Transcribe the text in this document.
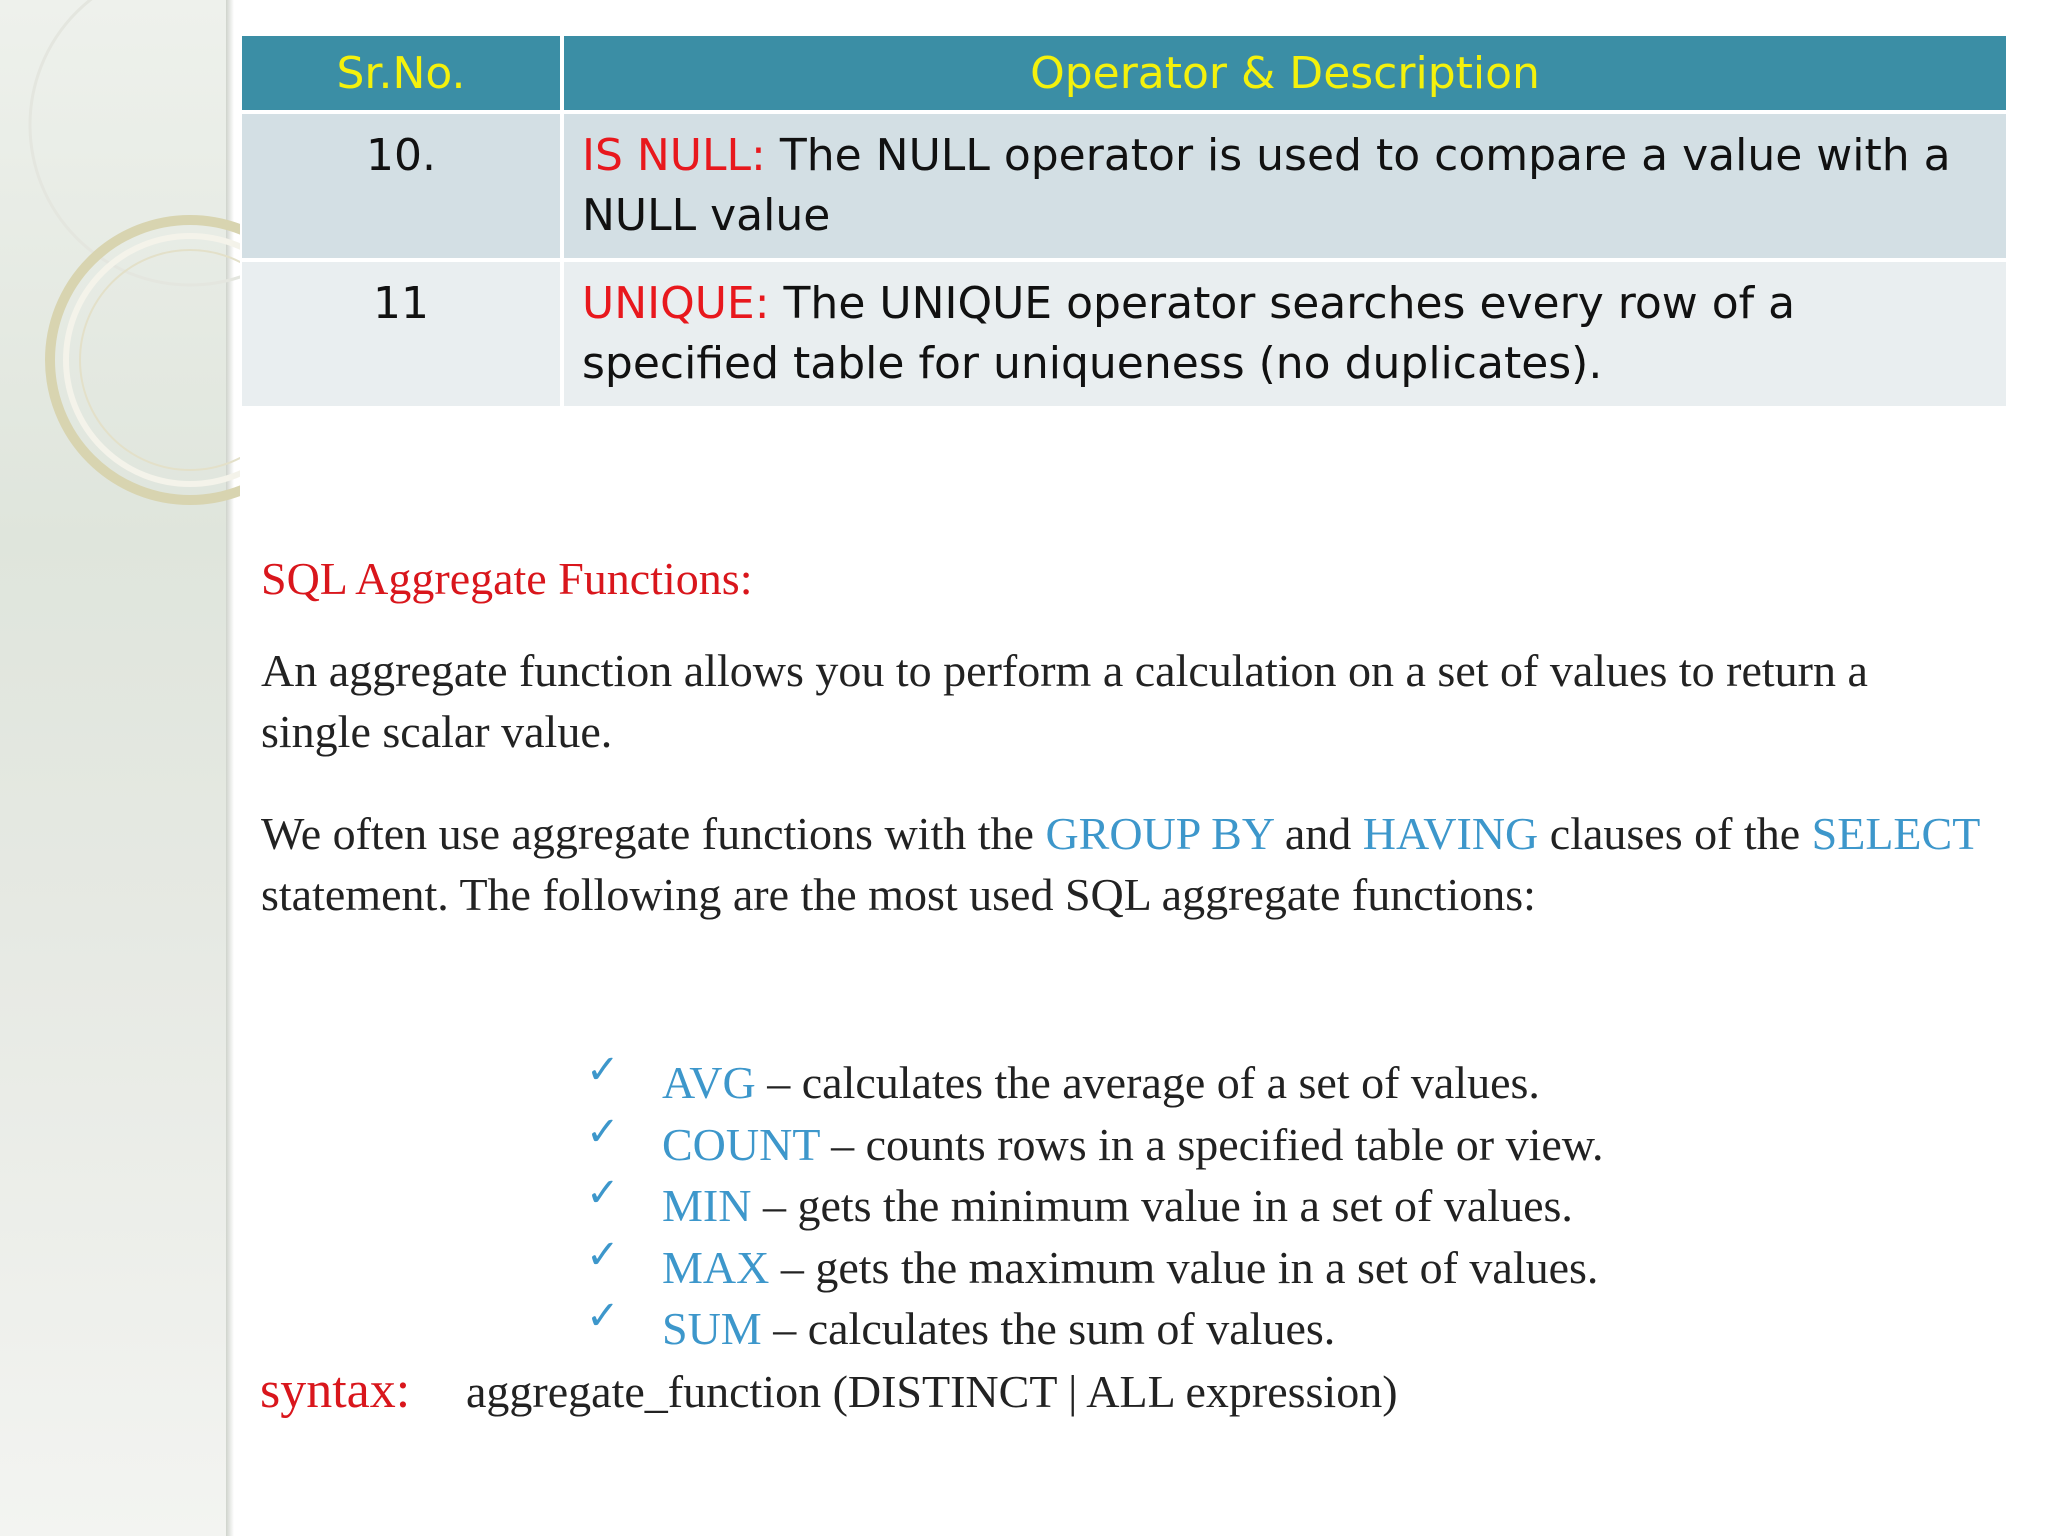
Sr.No.	Operator & Description
10.	IS NULL: The NULL operator is used to compare a value with a NULL value
11	UNIQUE: The UNIQUE operator searches every row of a specified table for uniqueness (no duplicates).

SQL Aggregate Functions:

An aggregate function allows you to perform a calculation on a set of values to return a single scalar value.

We often use aggregate functions with the GROUP BY and HAVING clauses of the SELECT statement. The following are the most used SQL aggregate functions:

✓ AVG – calculates the average of a set of values.
✓ COUNT – counts rows in a specified table or view.
✓ MIN – gets the minimum value in a set of values.
✓ MAX – gets the maximum value in a set of values.
✓ SUM – calculates the sum of values.
syntax: aggregate_function (DISTINCT | ALL expression)
